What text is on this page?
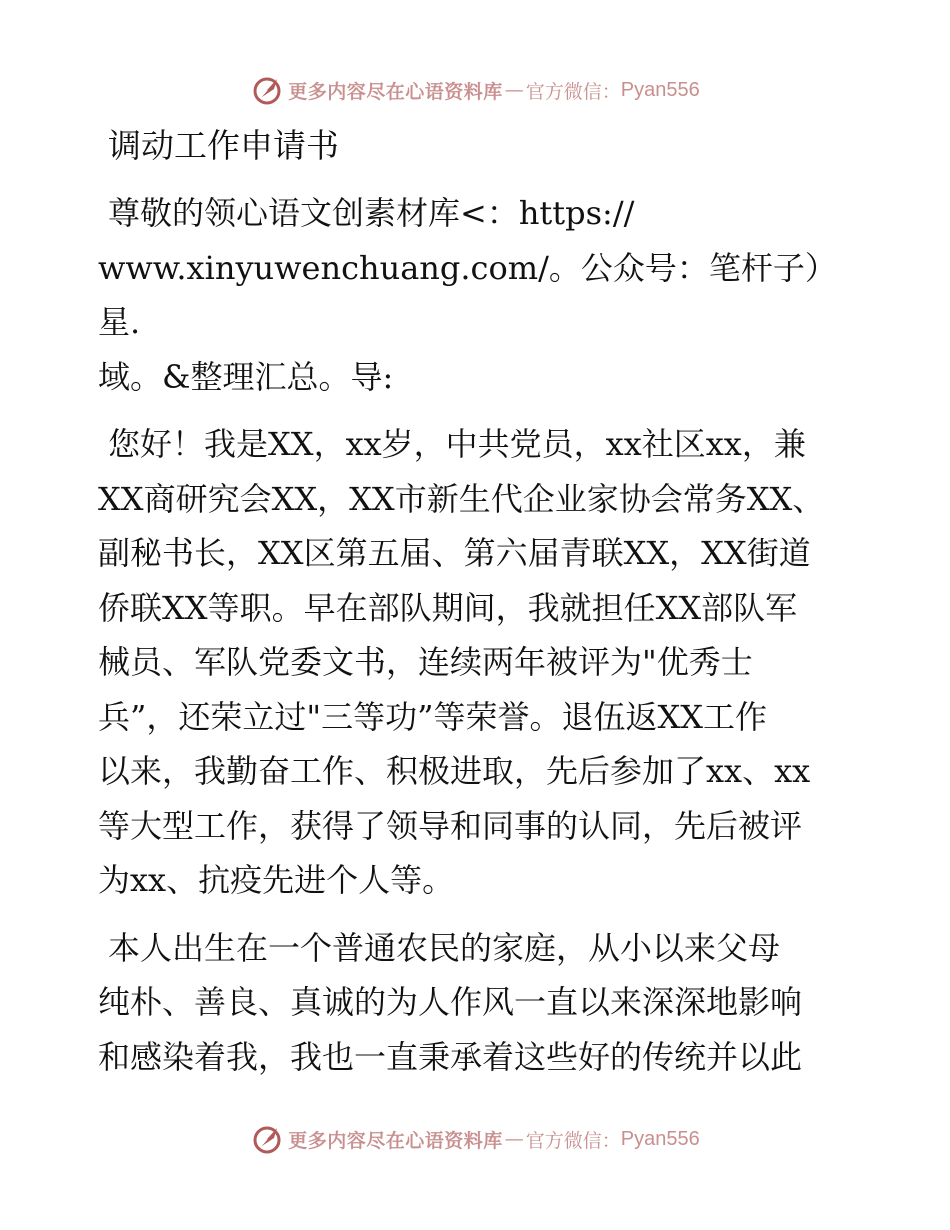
更多内容尽在心语资料库 — 官方微信： Pyan556
调动工作申请书
尊敬的领心语文创素材库<：https://
www.xinyuwenchuang.com/。公众号：笔杆子）星.
域。&整理汇总。导:
您好！我是XX，xx岁，中共党员，xx社区xx，兼
XX商研究会XX，XX市新生代企业家协会常务XX、
副秘书长，XX区第五届、第六届青联XX，XX街道
侨联XX等职。早在部队期间，我就担任XX部队军
械员、军队党委文书，连续两年被评为"优秀士
兵”，还荣立过"三等功”等荣誉。退伍返XX工作
以来，我勤奋工作、积极进取，先后参加了xx、xx
等大型工作，获得了领导和同事的认同，先后被评
为xx、抗疫先进个人等。
本人出生在一个普通农民的家庭，从小以来父母
纯朴、善良、真诚的为人作风一直以来深深地影响
和感染着我，我也一直秉承着这些好的传统并以此
更多内容尽在心语资料库 — 官方微信： Pyan556
